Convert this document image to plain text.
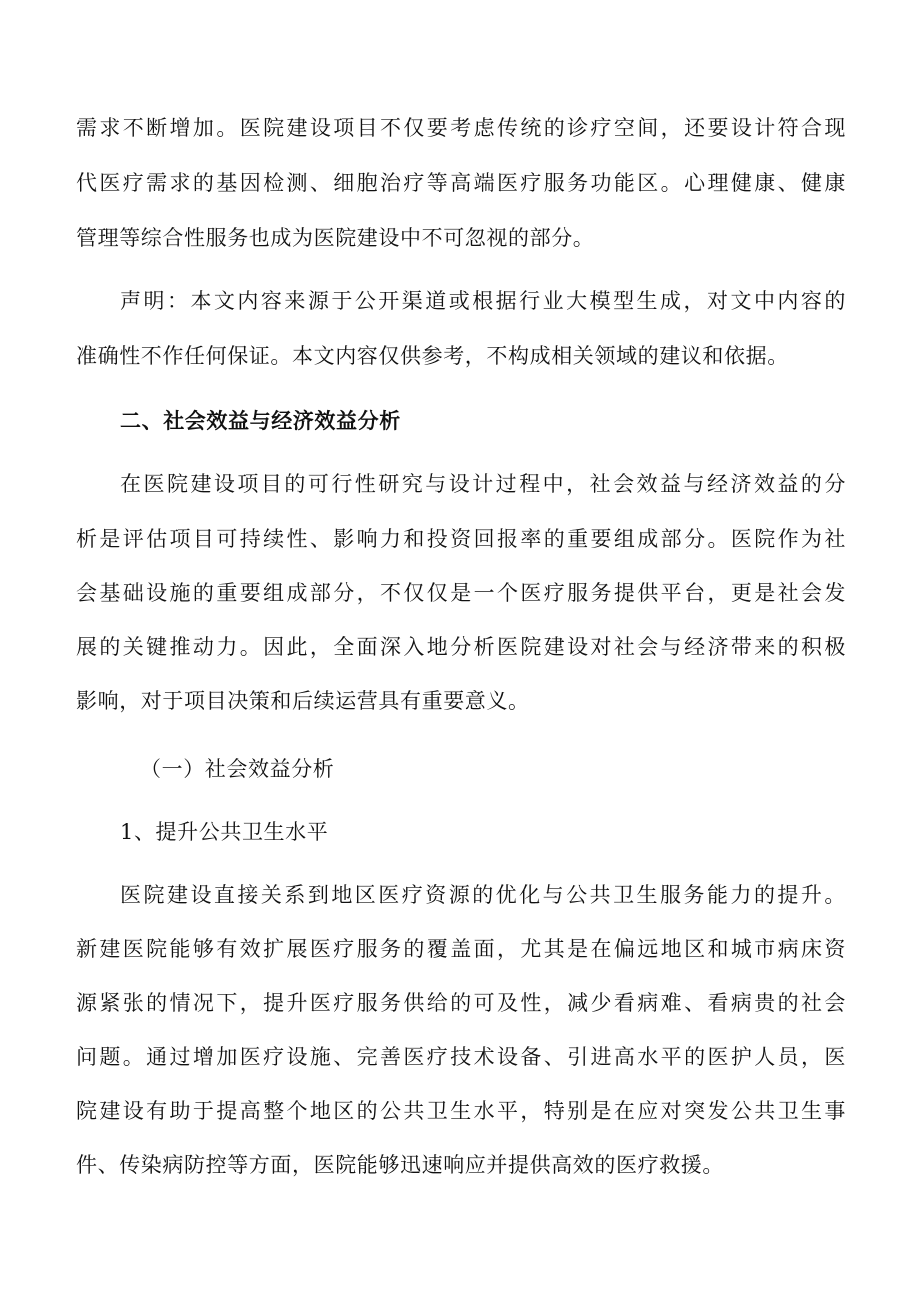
需求不断增加。医院建设项目不仅要考虑传统的诊疗空间，还要设计符合现
代医疗需求的基因检测、细胞治疗等高端医疗服务功能区。心理健康、健康
管理等综合性服务也成为医院建设中不可忽视的部分。
声明：本文内容来源于公开渠道或根据行业大模型生成，对文中内容的
准确性不作任何保证。本文内容仅供参考，不构成相关领域的建议和依据。
二、社会效益与经济效益分析
在医院建设项目的可行性研究与设计过程中，社会效益与经济效益的分
析是评估项目可持续性、影响力和投资回报率的重要组成部分。医院作为社
会基础设施的重要组成部分，不仅仅是一个医疗服务提供平台，更是社会发
展的关键推动力。因此，全面深入地分析医院建设对社会与经济带来的积极
影响，对于项目决策和后续运营具有重要意义。
（一）社会效益分析
1、提升公共卫生水平
医院建设直接关系到地区医疗资源的优化与公共卫生服务能力的提升。
新建医院能够有效扩展医疗服务的覆盖面，尤其是在偏远地区和城市病床资
源紧张的情况下，提升医疗服务供给的可及性，减少看病难、看病贵的社会
问题。通过增加医疗设施、完善医疗技术设备、引进高水平的医护人员，医
院建设有助于提高整个地区的公共卫生水平，特别是在应对突发公共卫生事
件、传染病防控等方面，医院能够迅速响应并提供高效的医疗救援。
